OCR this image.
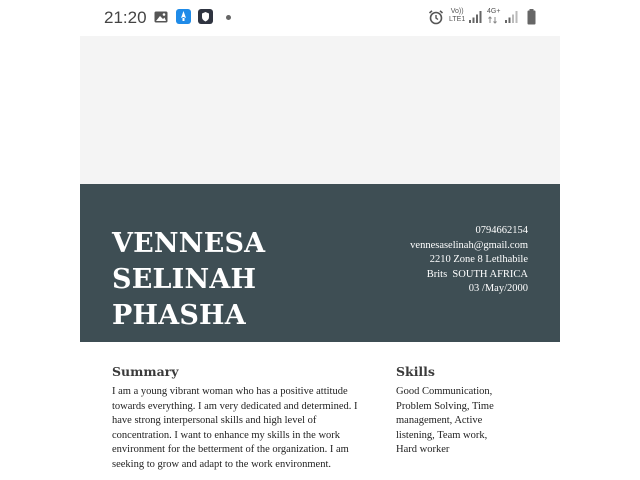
21:20	Vo))
LTE1
4G+
VENNESA SELINAH PHASHA
0794662154
vennesaselinah@gmail.com
2210 Zone 8 Letlhabile
Brits  SOUTH AFRICA
03 /May/2000
Summary

I am a young vibrant woman who has a positive attitude towards everything. I am very dedicated and determined. I have strong interpersonal skills and high level of concentration. I want to enhance my skills in the work environment for the betterment of the organization. I am seeking to grow and adapt to the work environment.

Skills

Good Communication, Problem Solving, Time management, Active listening, Team work, Hard worker
